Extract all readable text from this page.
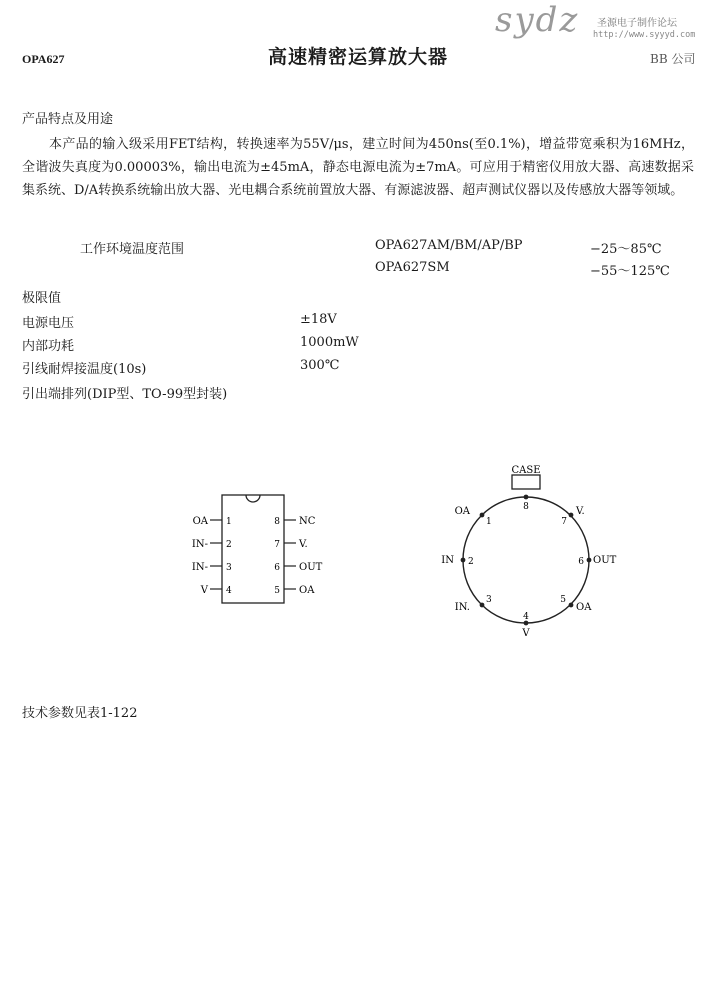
OPA627	高速精密运算放大器	BB 公司
sydz 圣源电子制作论坛
http://www.syyyd.com
产品特点及用途

本产品的输入级采用FET结构，转换速率为55V/μs，建立时间为450ns(至0.1%)，增益带宽乘积为16MHz，全谐波失真度为0.00003%，输出电流为±45mA，静态电源电流为±7mA。可应用于精密仪用放大器、高速数据采集系统、D/A转换系统输出放大器、光电耦合系统前置放大器、有源滤波器、超声测试仪器以及传感放大器等领域。

工作环境温度范围	OPA627AM/BM/AP/BP	−25～85℃
OPA627SM	−55～125℃
极限值
电源电压	±18V
内部功耗	1000mW
引线耐焊接温度(10s)	300℃
引出端排列(DIP型、TO-99型封装)
OA
IN-
IN-
V
1
2
3
4
8
7
6
5
NC
V.
OUT
OA
CASE
8
1
2
3
4
5
6
7
OA
IN
IN.
V
OA
OUT
V.
技术参数见表1-122
